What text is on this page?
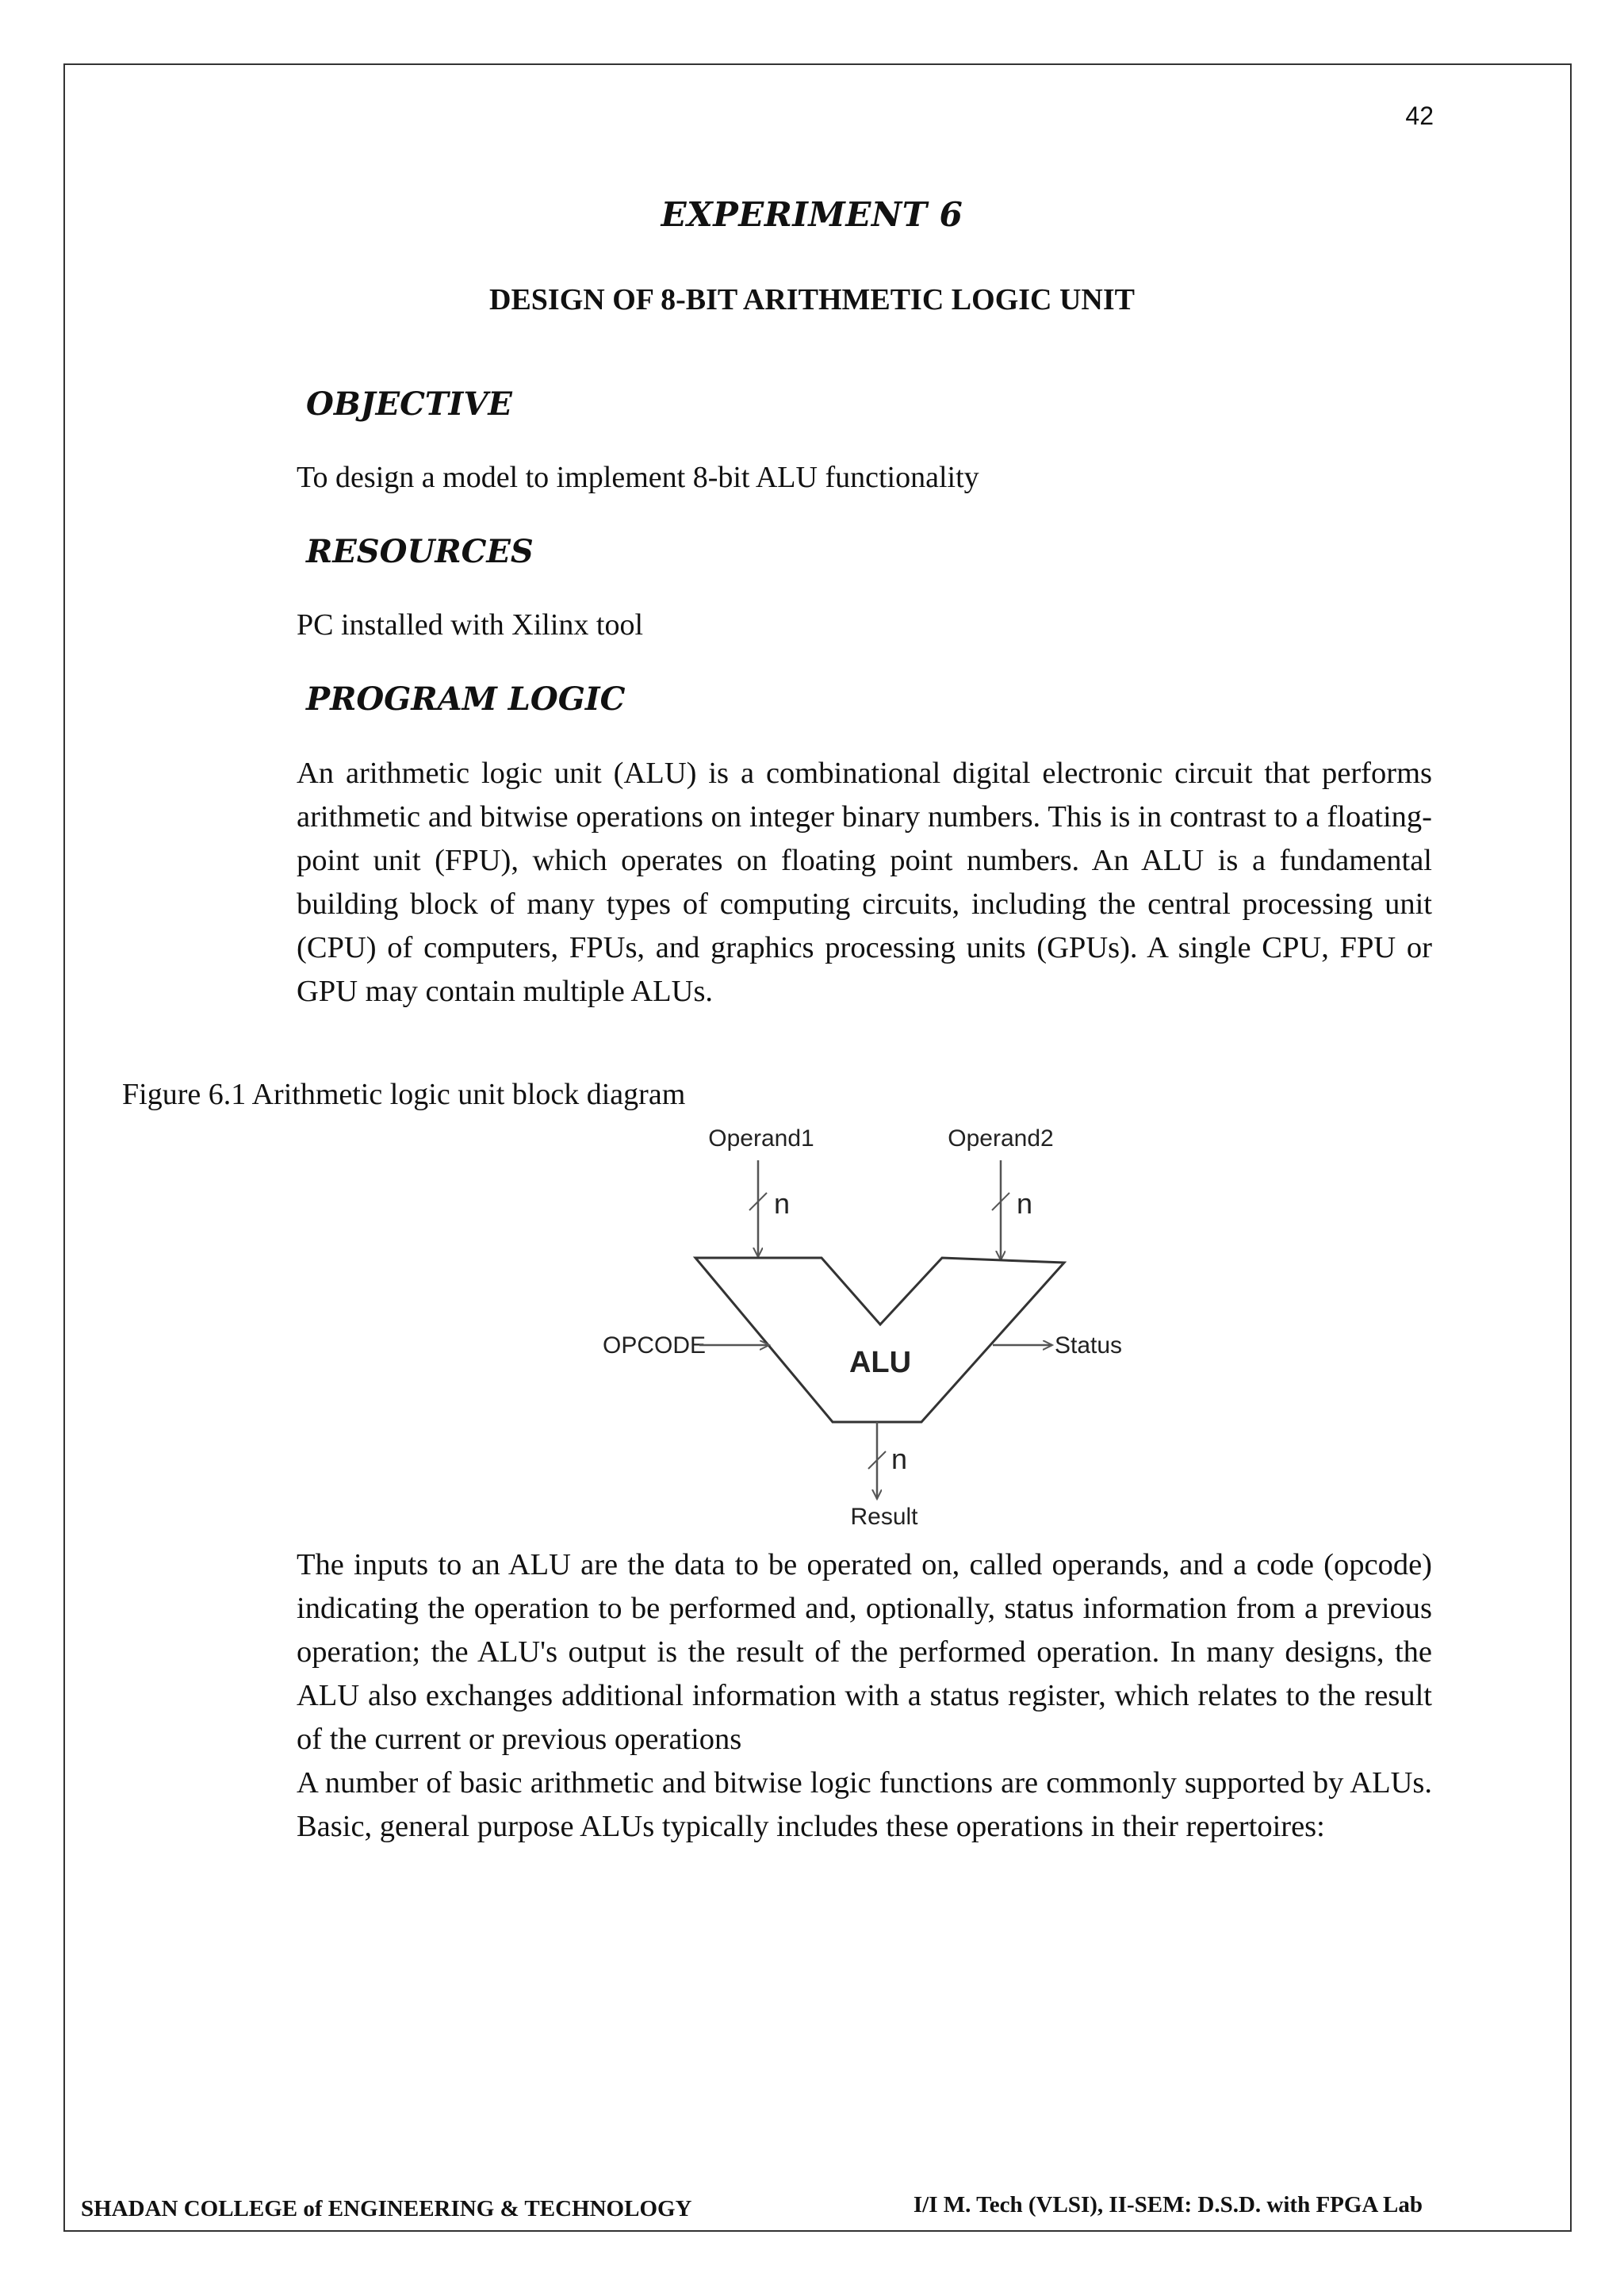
42
EXPERIMENT 6
DESIGN OF 8-BIT ARITHMETIC LOGIC UNIT
OBJECTIVE
To design a model to implement 8-bit ALU functionality
RESOURCES
PC installed with Xilinx tool
PROGRAM LOGIC

An arithmetic logic unit (ALU) is a combinational digital electronic circuit that performs arithmetic and bitwise operations on integer binary numbers. This is in contrast to a floating-point unit (FPU), which operates on floating point numbers. An ALU is a fundamental building block of many types of computing circuits, including the central processing unit (CPU) of computers, FPUs, and graphics processing units (GPUs). A single CPU, FPU or GPU may contain multiple ALUs.

Figure 6.1 Arithmetic logic unit block diagram
Operand1	Operand2
n	n
ALU
OPCODE	Status
n
Result

The inputs to an ALU are the data to be operated on, called operands, and a code (opcode) indicating the operation to be performed and, optionally, status information from a previous operation; the ALU's output is the result of the performed operation. In many designs, the ALU also exchanges additional information with a status register, which relates to the result of the current or previous operations

A number of basic arithmetic and bitwise logic functions are commonly supported by ALUs. Basic, general purpose ALUs typically includes these operations in their repertoires:

SHADAN COLLEGE of ENGINEERING & TECHNOLOGY	I/I M. Tech (VLSI), II-SEM: D.S.D. with FPGA Lab
